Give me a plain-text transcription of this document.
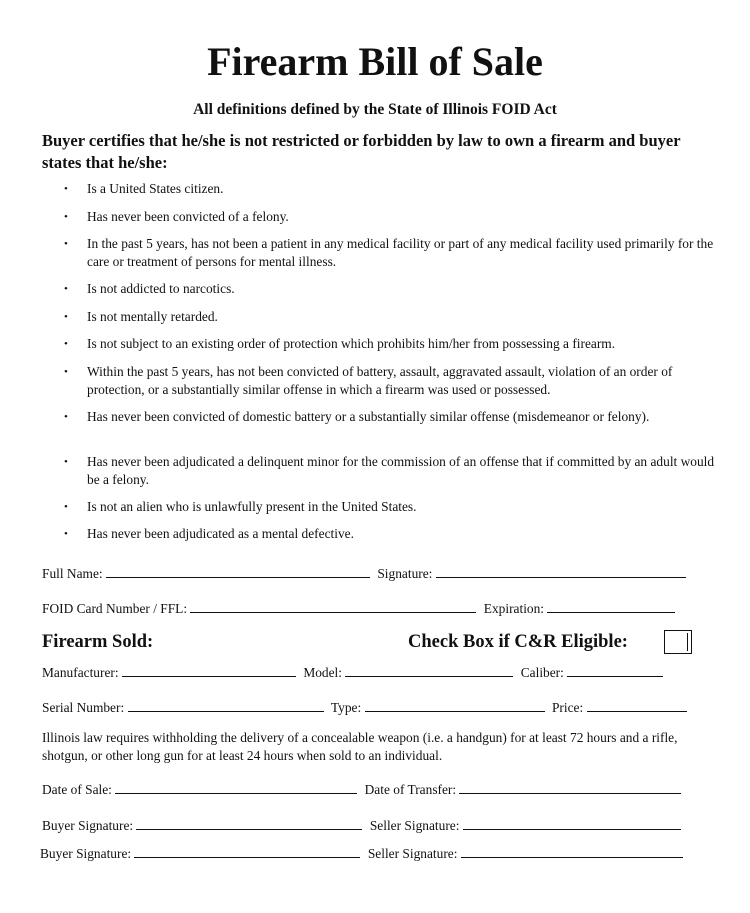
Firearm Bill of Sale
All definitions defined by the State of Illinois FOID Act
Buyer certifies that he/she is not restricted or forbidden by law to own a firearm and buyer states that he/she:
•	Is a United States citizen.
•	Has never been convicted of a felony.
•	In the past 5 years, has not been a patient in any medical facility or part of any medical facility used primarily for the care or treatment of persons for mental illness.
•	Is not addicted to narcotics.
•	Is not mentally retarded.
•	Is not subject to an existing order of protection which prohibits him/her from possessing a firearm.
•	Within the past 5 years, has not been convicted of battery, assault, aggravated assault, violation of an order of protection, or a substantially similar offense in which a firearm was used or possessed.
•	Has never been convicted of domestic battery or a substantially similar offense (misdemeanor or felony).
•	Has never been adjudicated a delinquent minor for the commission of an offense that if committed by an adult would be a felony.
•	Is not an alien who is unlawfully present in the United States.
•	Has never been adjudicated as a mental defective.
Full Name:	Signature:
FOID Card Number / FFL:	Expiration:
Firearm Sold:	Check Box if C&R Eligible:
Manufacturer:	Model:	Caliber:
Serial Number:	Type:	Price:
Illinois law requires withholding the delivery of a concealable weapon (i.e. a handgun) for at least 72 hours and a rifle, shotgun, or other long gun for at least 24 hours when sold to an individual.
Date of Sale:	Date of Transfer:
Buyer Signature:	Seller Signature:
Buyer Signature:	Seller Signature:
